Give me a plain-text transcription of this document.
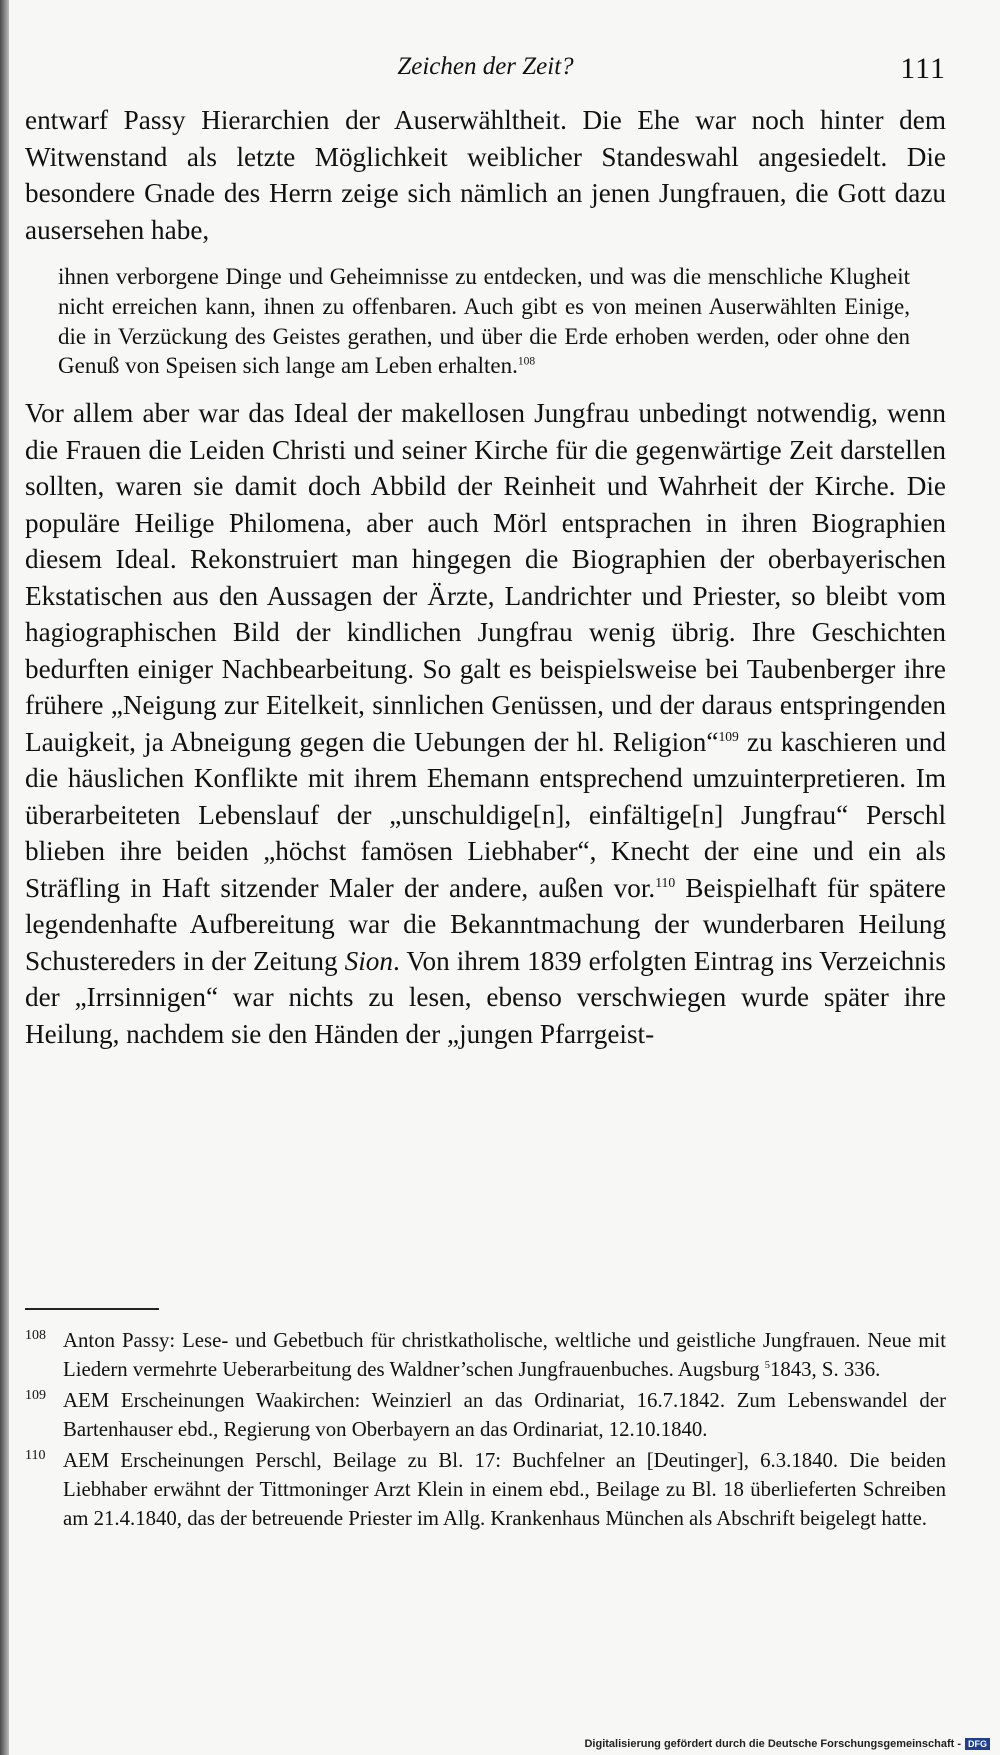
Zeichen der Zeit?	111

entwarf Passy Hierarchien der Auserwähltheit. Die Ehe war noch hinter dem Witwenstand als letzte Möglichkeit weiblicher Standeswahl angesiedelt. Die besondere Gnade des Herrn zeige sich nämlich an jenen Jungfrauen, die Gott dazu ausersehen habe,

ihnen verborgene Dinge und Geheimnisse zu entdecken, und was die menschliche Klugheit nicht erreichen kann, ihnen zu offenbaren. Auch gibt es von meinen Auserwählten Einige, die in Verzückung des Geistes gerathen, und über die Erde erhoben werden, oder ohne den Genuß von Speisen sich lange am Leben erhalten.$^{108}$

Vor allem aber war das Ideal der makellosen Jungfrau unbedingt notwendig, wenn die Frauen die Leiden Christi und seiner Kirche für die gegenwärtige Zeit darstellen sollten, waren sie damit doch Abbild der Reinheit und Wahrheit der Kirche. Die populäre Heilige Philomena, aber auch Mörl entsprachen in ihren Biographien diesem Ideal. Rekonstruiert man hingegen die Biographien der oberbayerischen Ekstatischen aus den Aussagen der Ärzte, Landrichter und Priester, so bleibt vom hagiographischen Bild der kindlichen Jungfrau wenig übrig. Ihre Geschichten bedurften einiger Nachbearbeitung. So galt es beispielsweise bei Taubenberger ihre frühere „Neigung zur Eitelkeit, sinnlichen Genüssen, und der daraus entspringenden Lauigkeit, ja Abneigung gegen die Uebungen der hl. Religion“$^{109}$ zu kaschieren und die häuslichen Konflikte mit ihrem Ehemann entsprechend umzuinterpretieren. Im überarbeiteten Lebenslauf der „unschuldige[n], einfältige[n] Jungfrau“ Perschl blieben ihre beiden „höchst famösen Liebhaber“, Knecht der eine und ein als Sträfling in Haft sitzender Maler der andere, außen vor.$^{110}$ Beispielhaft für spätere legendenhafte Aufbereitung war die Bekanntmachung der wunderbaren Heilung Schustereders in der Zeitung Sion. Von ihrem 1839 erfolgten Eintrag ins Verzeichnis der „Irrsinnigen“ war nichts zu lesen, ebenso verschwiegen wurde später ihre Heilung, nachdem sie den Händen der „jungen Pfarrgeist-

108 Anton Passy: Lese- und Gebetbuch für christkatholische, weltliche und geistliche Jungfrauen. Neue mit Liedern vermehrte Ueberarbeitung des Waldner’schen Jungfrauenbuches. Augsburg $^5$1843, S. 336.
109 AEM Erscheinungen Waakirchen: Weinzierl an das Ordinariat, 16.7.1842. Zum Lebenswandel der Bartenhauser ebd., Regierung von Oberbayern an das Ordinariat, 12.10.1840.
110 AEM Erscheinungen Perschl, Beilage zu Bl. 17: Buchfelner an [Deutinger], 6.3.1840. Die beiden Liebhaber erwähnt der Tittmoninger Arzt Klein in einem ebd., Beilage zu Bl. 18 überlieferten Schreiben am 21.4.1840, das der betreuende Priester im Allg. Krankenhaus München als Abschrift beigelegt hatte.
Digitalisierung gefördert durch die Deutsche Forschungsgemeinschaft - DFG
